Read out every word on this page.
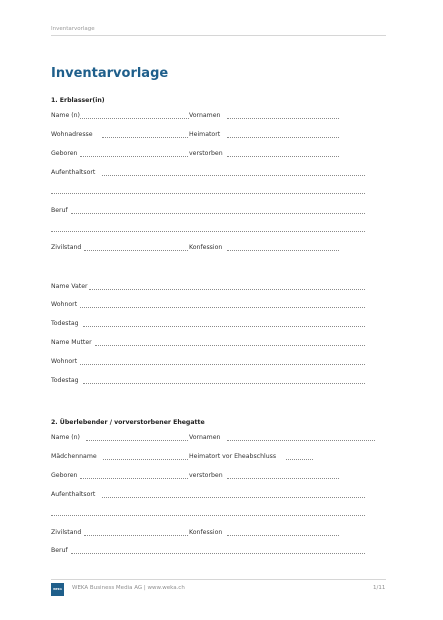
Inventarvorlage
Inventarvorlage
1. Erblasser(in)
Name (n)	Vornamen
Wohnadresse	Heimatort
Geboren	verstorben
Aufenthaltsort
Beruf
Zivilstand	Konfession
Name Vater
Wohnort
Todestag
Name Mutter
Wohnort
Todestag
2. Überlebender / vorverstorbener Ehegatte
Name (n)	Vornamen
Mädchenname	Heimatort vor Eheabschluss
Geboren	verstorben
Aufenthaltsort
Zivilstand	Konfession
Beruf
WEKA	WEKA Business Media AG | www.weka.ch	1/11
